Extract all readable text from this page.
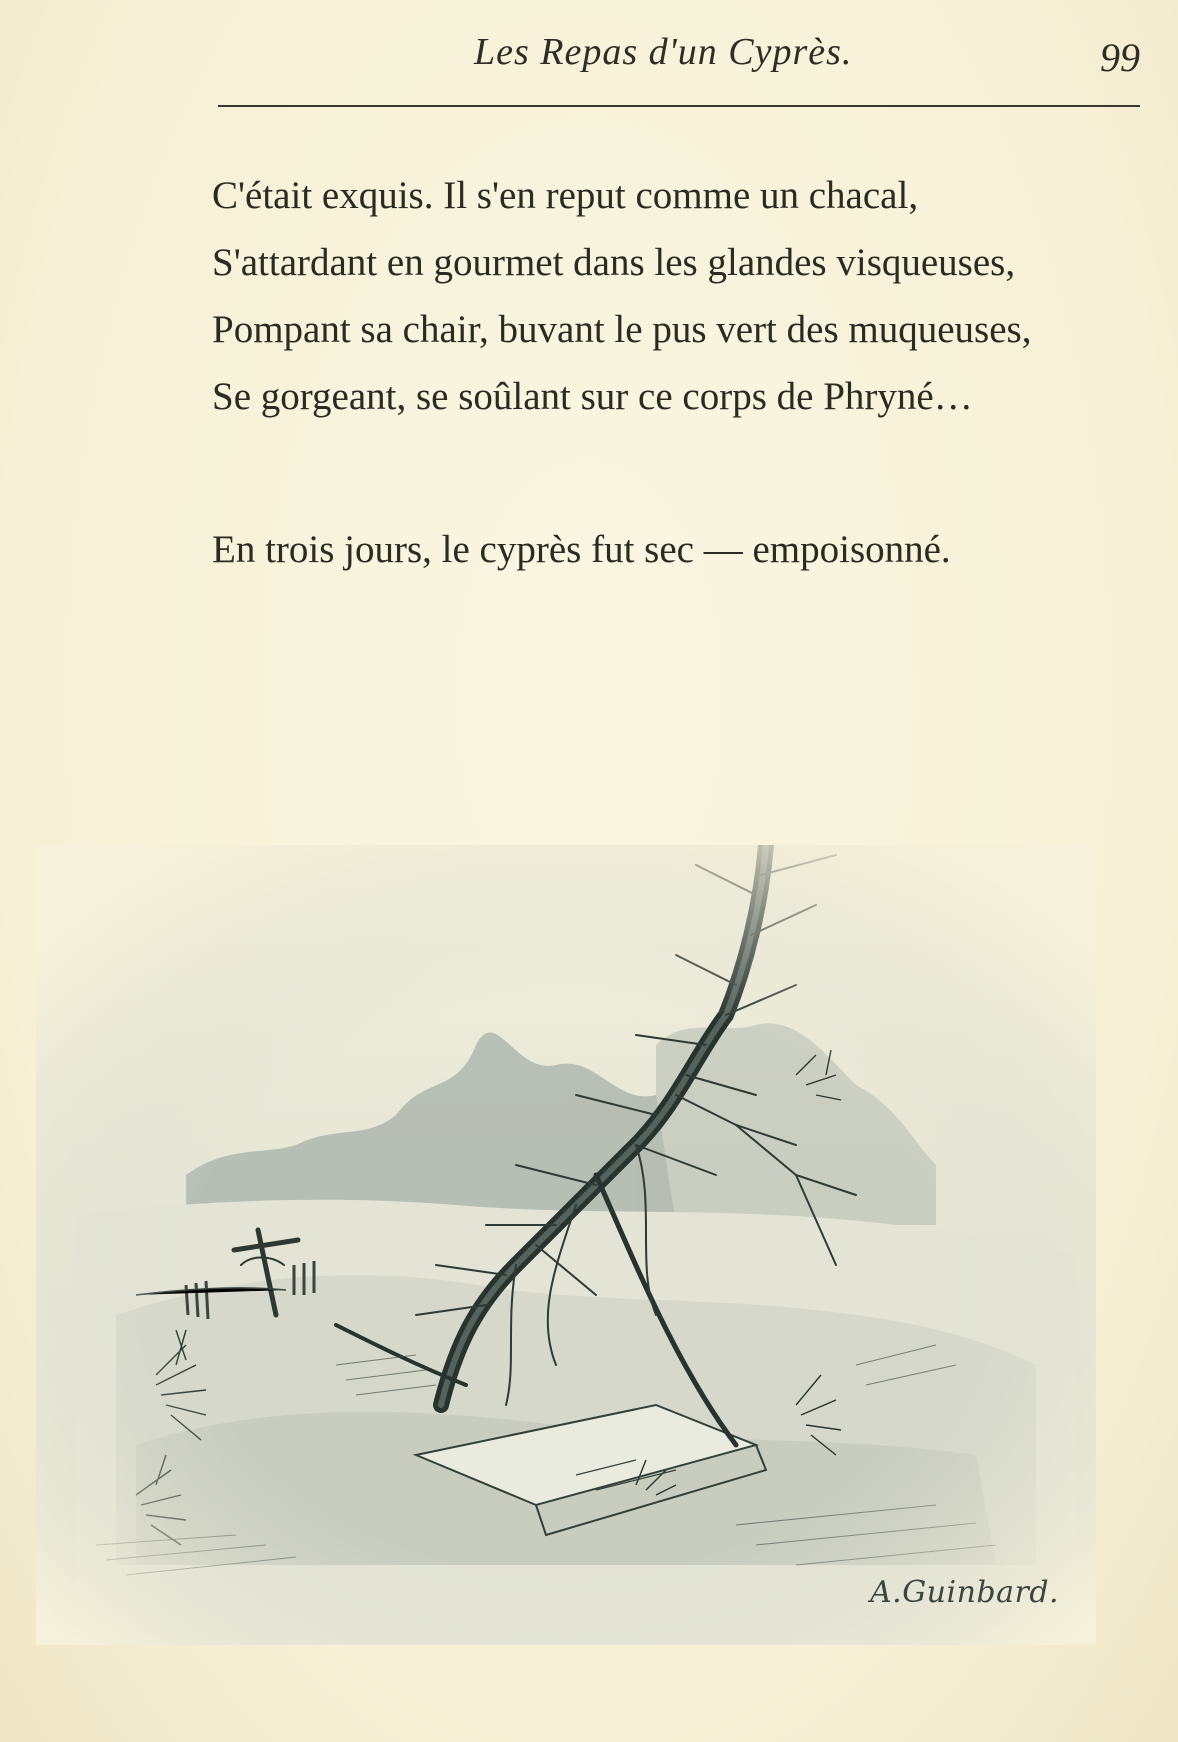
Les Repas d'un Cyprès.	99
C'était exquis. Il s'en reput comme un chacal,
S'attardant en gourmet dans les glandes visqueuses,
Pompant sa chair, buvant le pus vert des muqueuses,
Se gorgeant, se soûlant sur ce corps de Phryné…
En trois jours, le cyprès fut sec — empoisonné.
A.Guinbard.
